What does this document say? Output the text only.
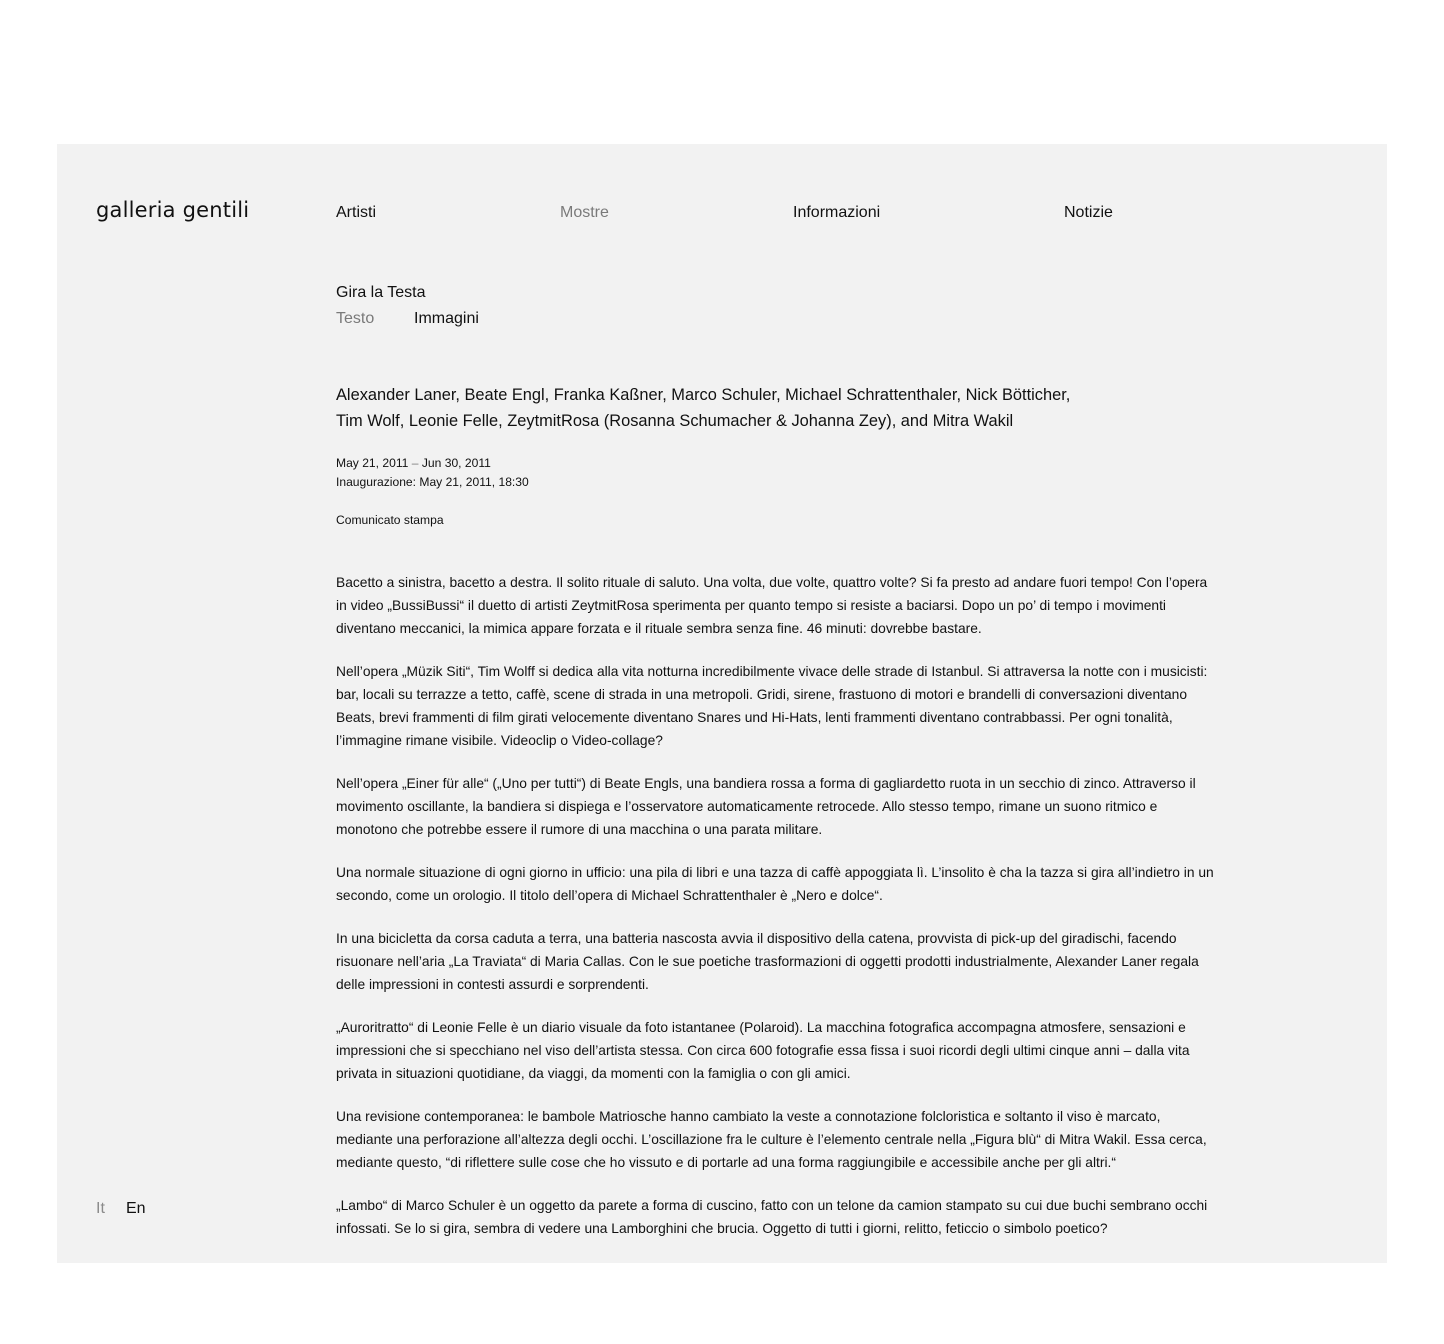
galleria gentili	Artisti	Mostre	Informazioni	Notizie
Gira la Testa
Testo Immagini

Alexander Laner, Beate Engl, Franka Kaßner, Marco Schuler, Michael Schrattenthaler, Nick Bötticher,
Tim Wolf, Leonie Felle, ZeytmitRosa (Rosanna Schumacher & Johanna Zey), and Mitra Wakil

May 21, 2011 – Jun 30, 2011
Inaugurazione: May 21, 2011, 18:30
Comunicato stampa

Bacetto a sinistra, bacetto a destra. Il solito rituale di saluto. Una volta, due volte, quattro volte? Si fa presto ad andare fuori tempo! Con l’opera in video „BussiBussi“ il duetto di artisti ZeytmitRosa sperimenta per quanto tempo si resiste a baciarsi. Dopo un po’ di tempo i movimenti diventano meccanici, la mimica appare forzata e il rituale sembra senza fine. 46 minuti: dovrebbe bastare.

Nell’opera „Müzik Siti“, Tim Wolff si dedica alla vita notturna incredibilmente vivace delle strade di Istanbul. Si attraversa la notte con i musicisti: bar, locali su terrazze a tetto, caffè, scene di strada in una metropoli. Gridi, sirene, frastuono di motori e brandelli di conversazioni diventano Beats, brevi frammenti di film girati velocemente diventano Snares und Hi-Hats, lenti frammenti diventano contrabbassi. Per ogni tonalità, l’immagine rimane visibile. Videoclip o Video-collage?

Nell’opera „Einer für alle“ („Uno per tutti“) di Beate Engls, una bandiera rossa a forma di gagliardetto ruota in un secchio di zinco. Attraverso il movimento oscillante, la bandiera si dispiega e l’osservatore automaticamente retrocede. Allo stesso tempo, rimane un suono ritmico e monotono che potrebbe essere il rumore di una macchina o una parata militare.

Una normale situazione di ogni giorno in ufficio: una pila di libri e una tazza di caffè appoggiata lì. L’insolito è cha la tazza si gira all’indietro in un secondo, come un orologio. Il titolo dell’opera di Michael Schrattenthaler è „Nero e dolce“.

In una bicicletta da corsa caduta a terra, una batteria nascosta avvia il dispositivo della catena, provvista di pick-up del giradischi, facendo risuonare nell’aria „La Traviata“ di Maria Callas. Con le sue poetiche trasformazioni di oggetti prodotti industrialmente, Alexander Laner regala delle impressioni in contesti assurdi e sorprendenti.

„Auroritratto“ di Leonie Felle è un diario visuale da foto istantanee (Polaroid). La macchina fotografica accompagna atmosfere, sensazioni e impressioni che si specchiano nel viso dell’artista stessa. Con circa 600 fotografie essa fissa i suoi ricordi degli ultimi cinque anni – dalla vita privata in situazioni quotidiane, da viaggi, da momenti con la famiglia o con gli amici.

Una revisione contemporanea: le bambole Matriosche hanno cambiato la veste a connotazione folcloristica e soltanto il viso è marcato, mediante una perforazione all’altezza degli occhi. L’oscillazione fra le culture è l’elemento centrale nella „Figura blù“ di Mitra Wakil. Essa cerca, mediante questo, “di riflettere sulle cose che ho vissuto e di portarle ad una forma raggiungibile e accessibile anche per gli altri.“

„Lambo“ di Marco Schuler è un oggetto da parete a forma di cuscino, fatto con un telone da camion stampato su cui due buchi sembrano occhi infossati. Se lo si gira, sembra di vedere una Lamborghini che brucia. Oggetto di tutti i giorni, relitto, feticcio o simbolo poetico?

It En
